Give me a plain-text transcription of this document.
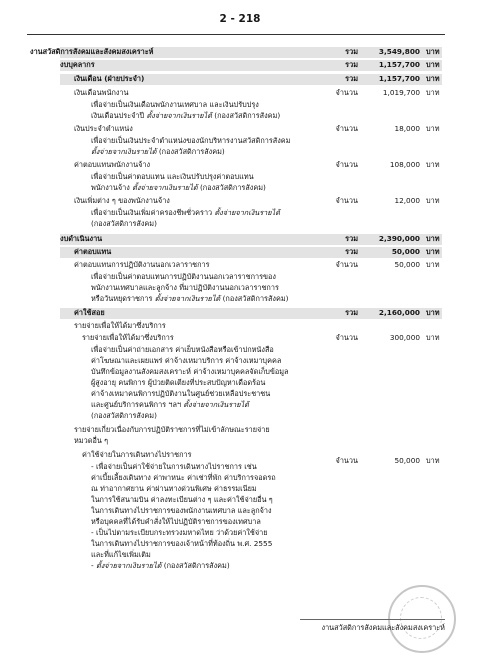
2 - 218
งานสวัสดิการสังคมและสังคมสงเคราะห์	รวม	3,549,800 บาท
งบบุคลากร	รวม	1,157,700 บาท
เงินเดือน (ฝ่ายประจำ)	รวม	1,157,700 บาท
เงินเดือนพนักงาน	จำนวน	1,019,700 บาท
เพื่อจ่ายเป็นเงินเดือนพนักงานเทศบาล และเงินปรับปรุง
เงินเดือนประจำปี ตั้งจ่ายจากเงินรายได้ (กองสวัสดิการสังคม)
เงินประจำตำแหน่ง	จำนวน	18,000 บาท
เพื่อจ่ายเป็นเงินประจำตำแหน่งของนักบริหารงานสวัสดิการสังคม
ตั้งจ่ายจากเงินรายได้ (กองสวัสดิการสังคม)
ค่าตอบแทนพนักงานจ้าง	จำนวน	108,000 บาท
เพื่อจ่ายเป็นค่าตอบแทน และเงินปรับปรุงค่าตอบแทน
พนักงานจ้าง ตั้งจ่ายจากเงินรายได้ (กองสวัสดิการสังคม)
เงินเพิ่มต่าง ๆ ของพนักงานจ้าง	จำนวน	12,000 บาท
เพื่อจ่ายเป็นเงินเพิ่มค่าครองชีพชั่วคราว ตั้งจ่ายจากเงินรายได้
(กองสวัสดิการสังคม)
งบดำเนินงาน	รวม	2,390,000 บาท
ค่าตอบแทน	รวม	50,000 บาท
ค่าตอบแทนการปฏิบัติงานนอกเวลาราชการ	จำนวน	50,000 บาท
เพื่อจ่ายเป็นค่าตอบแทนการปฏิบัติงานนอกเวลาราชการของ
พนักงานเทศบาลและลูกจ้าง ที่มาปฏิบัติงานนอกเวลาราชการ
หรือวันหยุดราชการ ตั้งจ่ายจากเงินรายได้ (กองสวัสดิการสังคม)
ค่าใช้สอย	รวม	2,160,000 บาท
รายจ่ายเพื่อให้ได้มาซึ่งบริการ
รายจ่ายเพื่อให้ได้มาซึ่งบริการ	จำนวน	300,000 บาท
เพื่อจ่ายเป็นค่าถ่ายเอกสาร ค่าเย็บหนังสือหรือเข้าปกหนังสือ
ค่าโฆษณาและเผยแพร่ ค่าจ้างเหมาบริการ ค่าจ้างเหมาบุคคล
บันทึกข้อมูลงานสังคมสงเคราะห์ ค่าจ้างเหมาบุคคลจัดเก็บข้อมูล
ผู้สูงอายุ คนพิการ ผู้ป่วยติดเตียงที่ประสบปัญหาเดือดร้อน
ค่าจ้างเหมาคนพิการปฏิบัติงานในศูนย์ช่วยเหลือประชาชน
และศูนย์บริการคนพิการ ฯลฯ ตั้งจ่ายจากเงินรายได้
(กองสวัสดิการสังคม)
รายจ่ายเกี่ยวเนื่องกับการปฏิบัติราชการที่ไม่เข้าลักษณะรายจ่าย
หมวดอื่น ๆ
ค่าใช้จ่ายในการเดินทางไปราชการ
จำนวน	50,000 บาท
- เพื่อจ่ายเป็นค่าใช้จ่ายในการเดินทางไปราชการ เช่น
ค่าเบี้ยเลี้ยงเดินทาง ค่าพาหนะ ค่าเช่าที่พัก ค่าบริการจอดรถ
ณ ท่าอากาศยาน ค่าผ่านทางด่วนพิเศษ ค่าธรรมเนียม
ในการใช้สนามบิน ค่าลงทะเบียนต่าง ๆ และค่าใช้จ่ายอื่น ๆ
ในการเดินทางไปราชการของพนักงานเทศบาล และลูกจ้าง
หรือบุคคลที่ได้รับคำสั่งให้ไปปฏิบัติราชการของเทศบาล
- เป็นไปตามระเบียบกระทรวงมหาดไทย ว่าด้วยค่าใช้จ่าย
ในการเดินทางไปราชการของเจ้าหน้าที่ท้องถิ่น พ.ศ. 2555
และที่แก้ไขเพิ่มเติม
- ตั้งจ่ายจากเงินรายได้ (กองสวัสดิการสังคม)
งานสวัสดิการสังคมและสังคมสงเคราะห์
